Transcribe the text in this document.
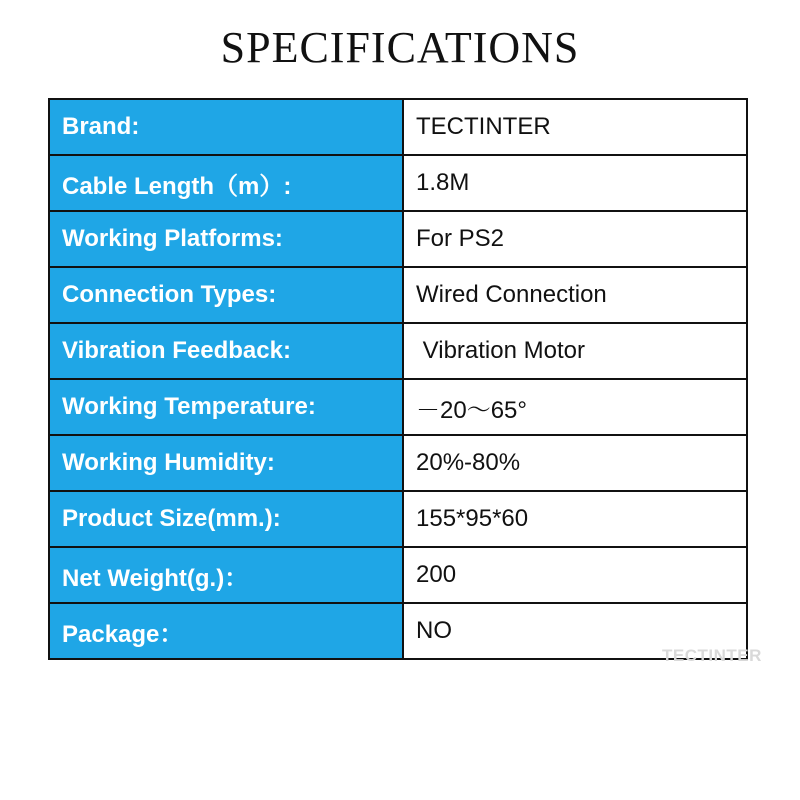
SPECIFICATIONS
Brand:	TECTINTER
Cable Length（m）:	1.8M
Working Platforms:	For PS2
Connection Types:	Wired Connection
Vibration Feedback:	Vibration Motor
Working Temperature:	－20～65°
Working Humidity:	20%-80%
Product Size(mm.):	155*95*60
Net Weight(g.)：	200
Package：	NO
TECTINTER
